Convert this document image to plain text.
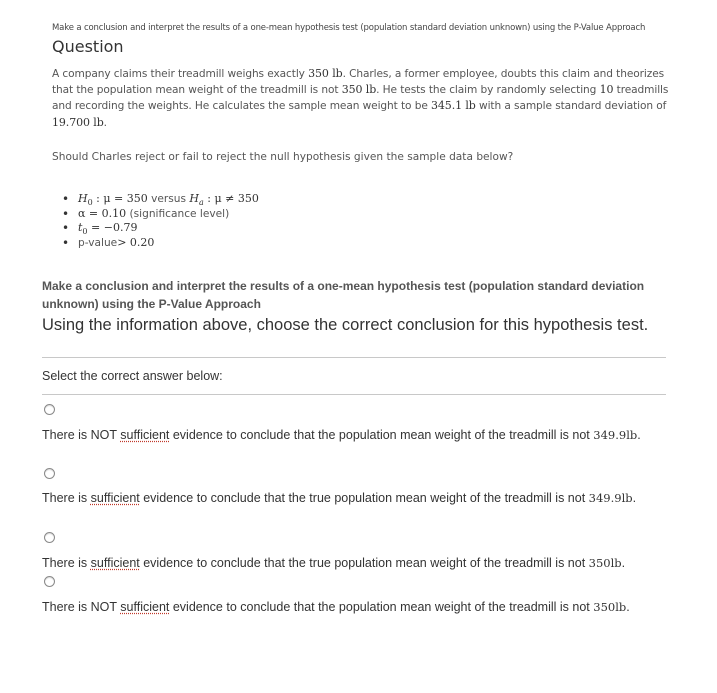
Make a conclusion and interpret the results of a one-mean hypothesis test (population standard deviation unknown) using the P-Value Approach
Question
A company claims their treadmill weighs exactly 350 lb. Charles, a former employee, doubts this claim and theorizes that the population mean weight of the treadmill is not 350 lb. He tests the claim by randomly selecting 10 treadmills and recording the weights. He calculates the sample mean weight to be 345.1 lb with a sample standard deviation of 19.700 lb.
Should Charles reject or fail to reject the null hypothesis given the sample data below?
• $H_0$ : μ = 350 versus $H_a$ : μ ≠ 350
• α = 0.10 (significance level)
• $t_0 = -0.79$
• p-value> 0.20
Make a conclusion and interpret the results of a one-mean hypothesis test (population standard deviation unknown) using the P-Value Approach
Using the information above, choose the correct conclusion for this hypothesis test.
Select the correct answer below:
There is NOT sufficient evidence to conclude that the population mean weight of the treadmill is not 349.9lb.
There is sufficient evidence to conclude that the true population mean weight of the treadmill is not 349.9lb.
There is sufficient evidence to conclude that the true population mean weight of the treadmill is not 350lb.
There is NOT sufficient evidence to conclude that the population mean weight of the treadmill is not 350lb.
